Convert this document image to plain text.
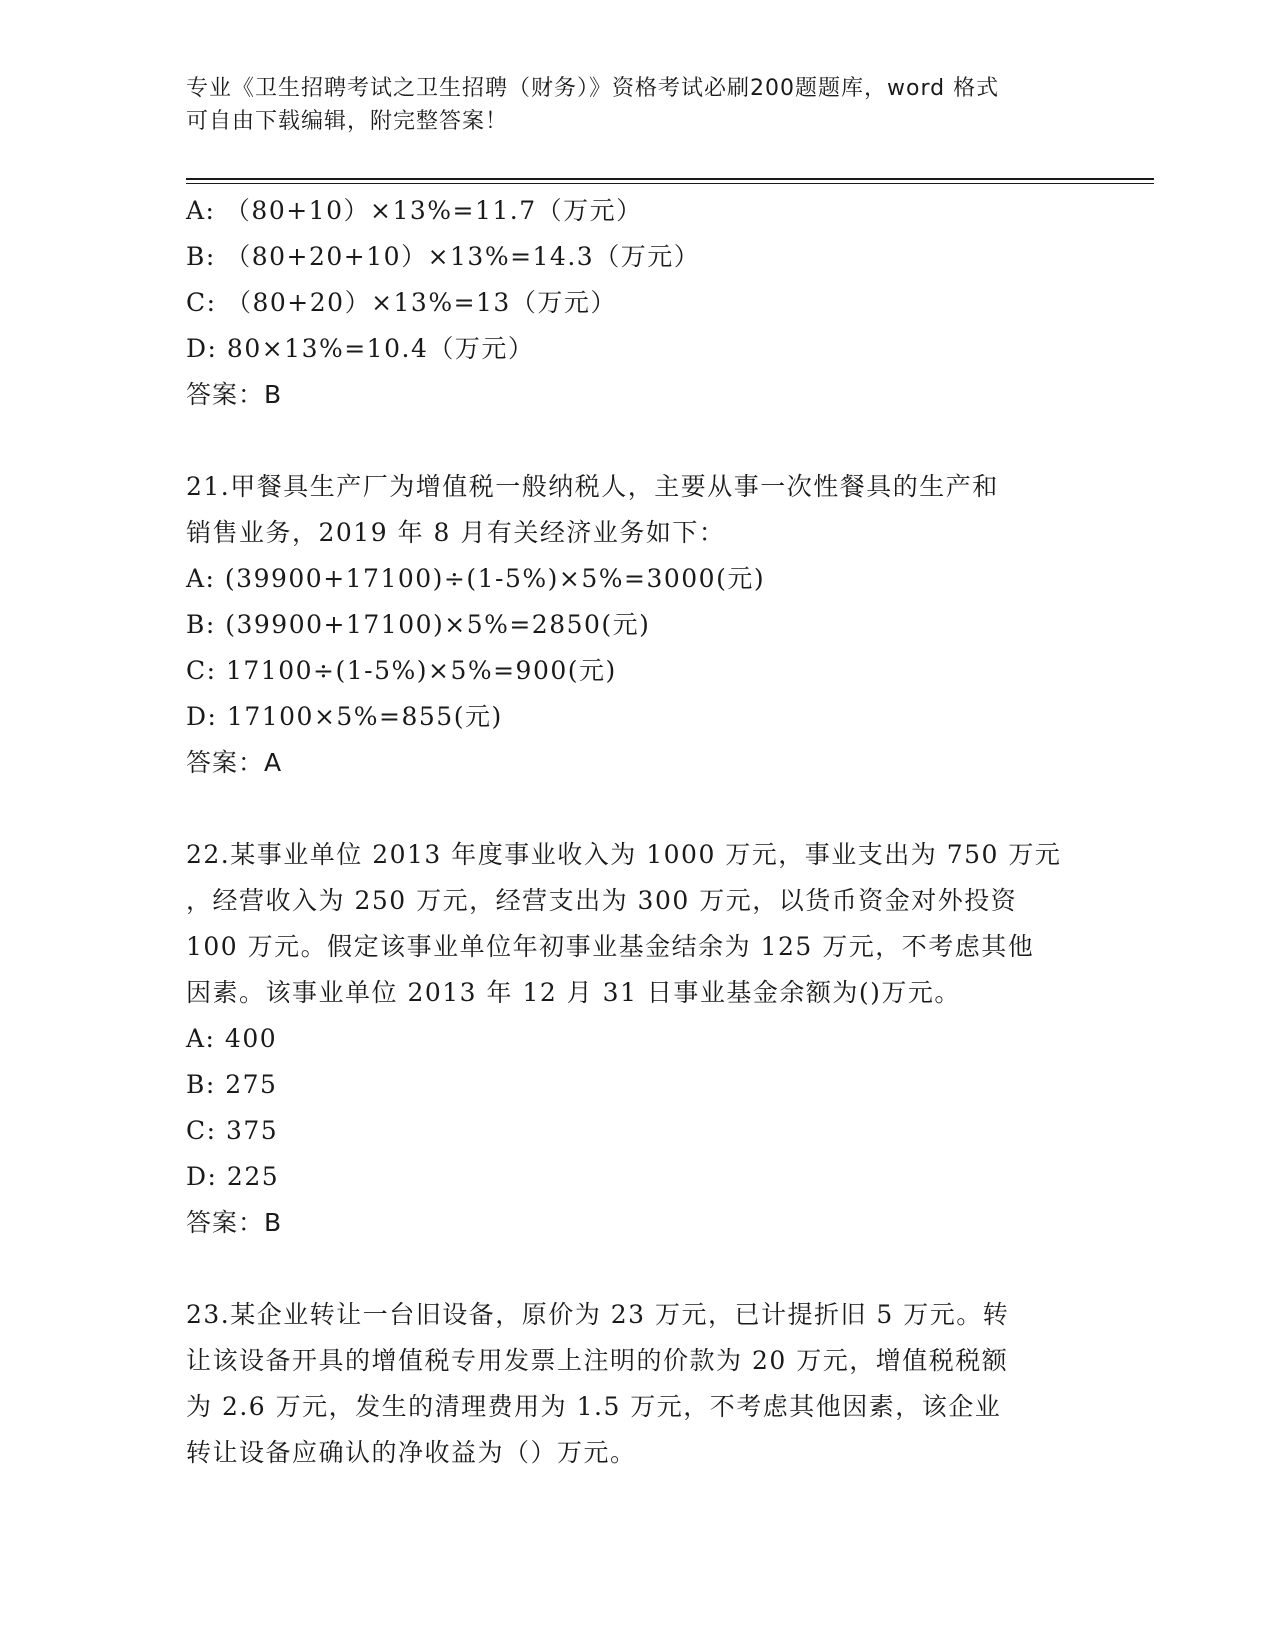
专业《卫生招聘考试之卫生招聘（财务）》资格考试必刷200题题库，word 格式
可自由下载编辑，附完整答案！
A: （80+10）×13%=11.7（万元）
B: （80+20+10）×13%=14.3（万元）
C: （80+20）×13%=13（万元）
D: 80×13%=10.4（万元）
答案：B
21.甲餐具生产厂为增值税一般纳税人，主要从事一次性餐具的生产和
销售业务，2019 年 8 月有关经济业务如下：
A: (39900+17100)÷(1-5%)×5%=3000(元)
B: (39900+17100)×5%=2850(元)
C: 17100÷(1-5%)×5%=900(元)
D: 17100×5%=855(元)
答案：A
22.某事业单位 2013 年度事业收入为 1000 万元，事业支出为 750 万元
，经营收入为 250 万元，经营支出为 300 万元，以货币资金对外投资
100 万元。假定该事业单位年初事业基金结余为 125 万元，不考虑其他
因素。该事业单位 2013 年 12 月 31 日事业基金余额为()万元。
A: 400
B: 275
C: 375
D: 225
答案：B
23.某企业转让一台旧设备，原价为 23 万元，已计提折旧 5 万元。转
让该设备开具的增值税专用发票上注明的价款为 20 万元，增值税税额
为 2.6 万元，发生的清理费用为 1.5 万元，不考虑其他因素，该企业
转让设备应确认的净收益为（）万元。
